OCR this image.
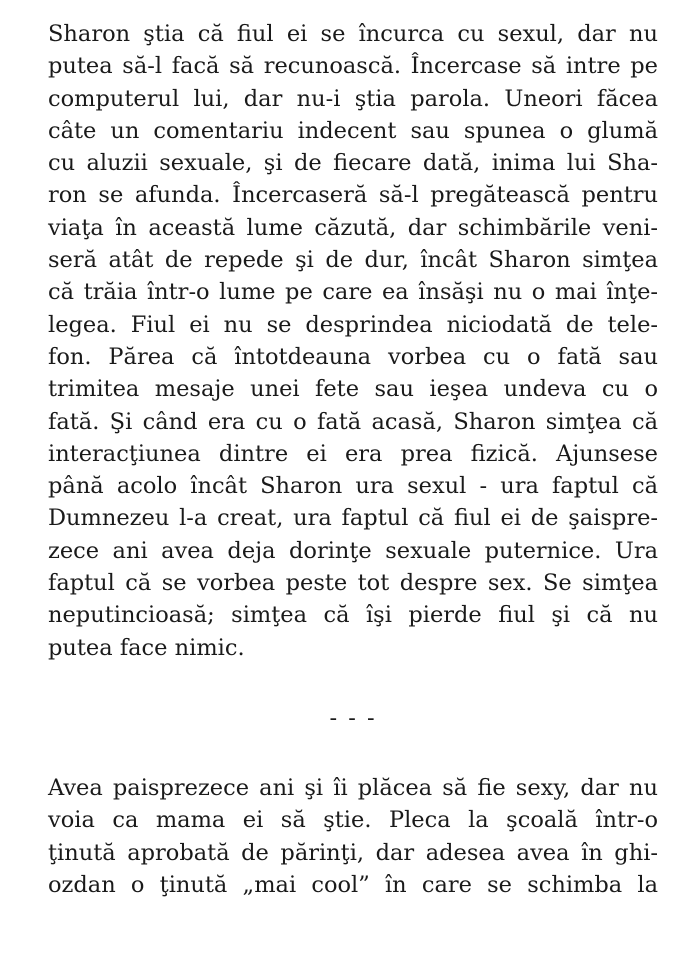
Sharon ştia că fiul ei se încurca cu sexul, dar nu

putea să-l facă să recunoască. Încercase să intre pe

computerul lui, dar nu-i ştia parola. Uneori făcea

câte un comentariu indecent sau spunea o glumă

cu aluzii sexuale, şi de fiecare dată, inima lui Sha-

ron se afunda. Încercaseră să-l pregătească pentru

viaţa în această lume căzută, dar schimbările veni-

seră atât de repede şi de dur, încât Sharon simţea

că trăia într-o lume pe care ea însăşi nu o mai înţe-

legea. Fiul ei nu se desprindea niciodată de tele-

fon. Părea că întotdeauna vorbea cu o fată sau

trimitea mesaje unei fete sau ieşea undeva cu o

fată. Şi când era cu o fată acasă, Sharon simţea că

interacţiunea dintre ei era prea fizică. Ajunsese

până acolo încât Sharon ura sexul - ura faptul că

Dumnezeu l-a creat, ura faptul că fiul ei de şaispre-

zece ani avea deja dorinţe sexuale puternice. Ura

faptul că se vorbea peste tot despre sex. Se simţea

neputincioasă; simţea că îşi pierde fiul şi că nu

putea face nimic.

- - -

Avea paisprezece ani şi îi plăcea să fie sexy, dar nu

voia ca mama ei să ştie. Pleca la şcoală într-o

ţinută aprobată de părinţi, dar adesea avea în ghi-

ozdan o ţinută „mai cool” în care se schimba la
